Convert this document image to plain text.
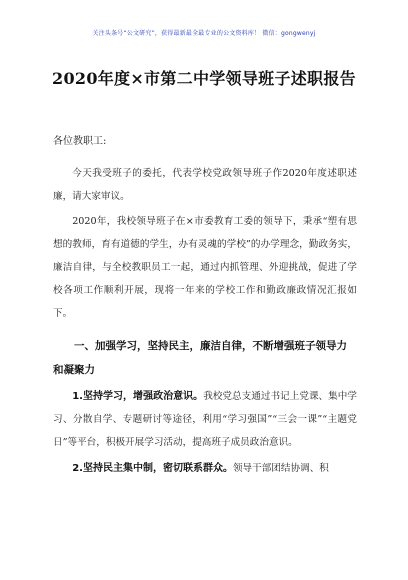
关注头条号“公文研究”，获得最新最全最专业的公文资料库！ 微信：gongwenyj
2020年度×市第二中学领导班子述职报告
各位教职工:

今天我受班子的委托，代表学校党政领导班子作2020年度述职述廉，请大家审议。

2020年，我校领导班子在×市委教育工委的领导下，秉承“塑有思想的教师，育有道德的学生，办有灵魂的学校”的办学理念，勤政务实，廉洁自律，与全校教职员工一起，通过内抓管理、外迎挑战，促进了学校各项工作顺利开展，现将一年来的学校工作和勤政廉政情况汇报如下。

一、加强学习，坚持民主，廉洁自律，不断增强班子领导力和凝聚力

1.坚持学习，增强政治意识。我校党总支通过书记上党课、集中学习、分散自学、专题研讨等途径，利用“学习强国”“三会一课”“主题党日”等平台，积极开展学习活动，提高班子成员政治意识。

2.坚持民主集中制，密切联系群众。领导干部团结协调、积
